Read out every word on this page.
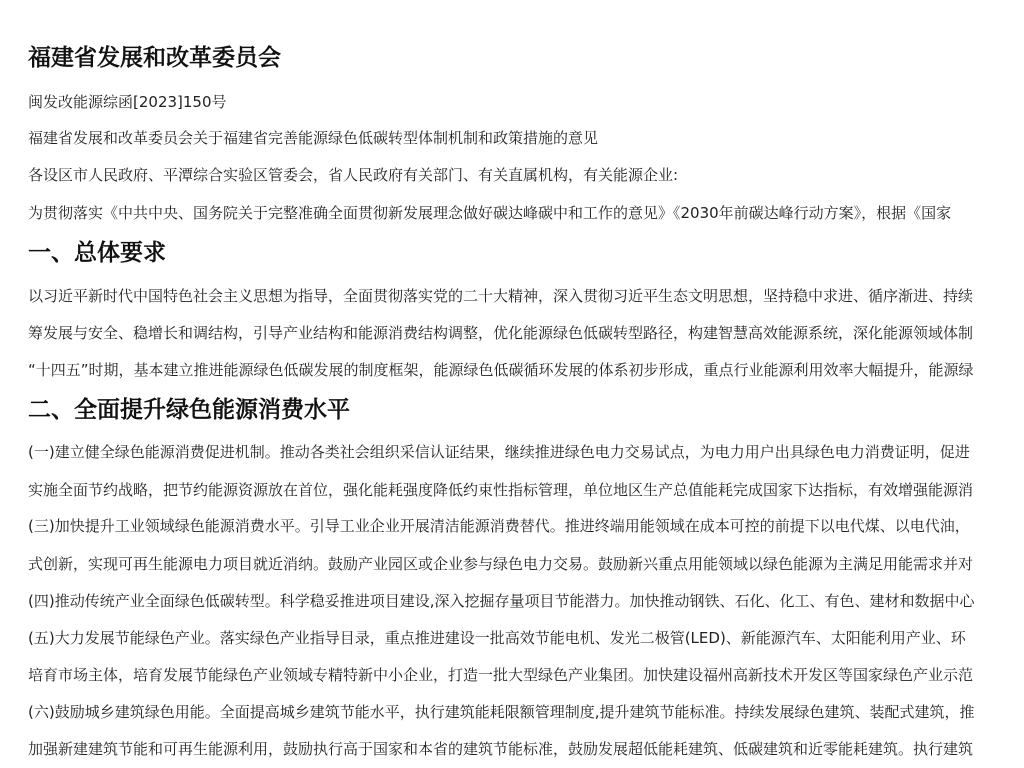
福建省发展和改革委员会
闽发改能源综函[2023]150号
福建省发展和改革委员会关于福建省完善能源绿色低碳转型体制机制和政策措施的意见
各设区市人民政府、平潭综合实验区管委会，省人民政府有关部门、有关直属机构，有关能源企业:
为贯彻落实《中共中央、国务院关于完整准确全面贯彻新发展理念做好碳达峰碳中和工作的意见》《2030年前碳达峰行动方案》，根据《国家
一、总体要求
以习近平新时代中国特色社会主义思想为指导，全面贯彻落实党的二十大精神，深入贯彻习近平生态文明思想，坚持稳中求进、循序渐进、持续
筹发展与安全、稳增长和调结构，引导产业结构和能源消费结构调整，优化能源绿色低碳转型路径，构建智慧高效能源系统，深化能源领域体制
“十四五”时期，基本建立推进能源绿色低碳发展的制度框架，能源绿色低碳循环发展的体系初步形成，重点行业能源利用效率大幅提升，能源绿
二、全面提升绿色能源消费水平
(一)建立健全绿色能源消费促进机制。推动各类社会组织采信认证结果，继续推进绿色电力交易试点，为电力用户出具绿色电力消费证明，促进
实施全面节约战略，把节约能源资源放在首位，强化能耗强度降低约束性指标管理，单位地区生产总值能耗完成国家下达指标，有效增强能源消
(三)加快提升工业领域绿色能源消费水平。引导工业企业开展清洁能源消费替代。推进终端用能领域在成本可控的前提下以电代煤、以电代油，
式创新，实现可再生能源电力项目就近消纳。鼓励产业园区或企业参与绿色电力交易。鼓励新兴重点用能领域以绿色能源为主满足用能需求并对
(四)推动传统产业全面绿色低碳转型。科学稳妥推进项目建设,深入挖掘存量项目节能潜力。加快推动钢铁、石化、化工、有色、建材和数据中心
(五)大力发展节能绿色产业。落实绿色产业指导目录，重点推进建设一批高效节能电机、发光二极管(LED)、新能源汽车、太阳能利用产业、环
培育市场主体，培育发展节能绿色产业领域专精特新中小企业，打造一批大型绿色产业集团。加快建设福州高新技术开发区等国家绿色产业示范
(六)鼓励城乡建筑绿色用能。全面提高城乡建筑节能水平，执行建筑能耗限额管理制度,提升建筑节能标准。持续发展绿色建筑、装配式建筑，推
加强新建建筑节能和可再生能源利用，鼓励执行高于国家和本省的建筑节能标准，鼓励发展超低能耗建筑、低碳建筑和近零能耗建筑。执行建筑
